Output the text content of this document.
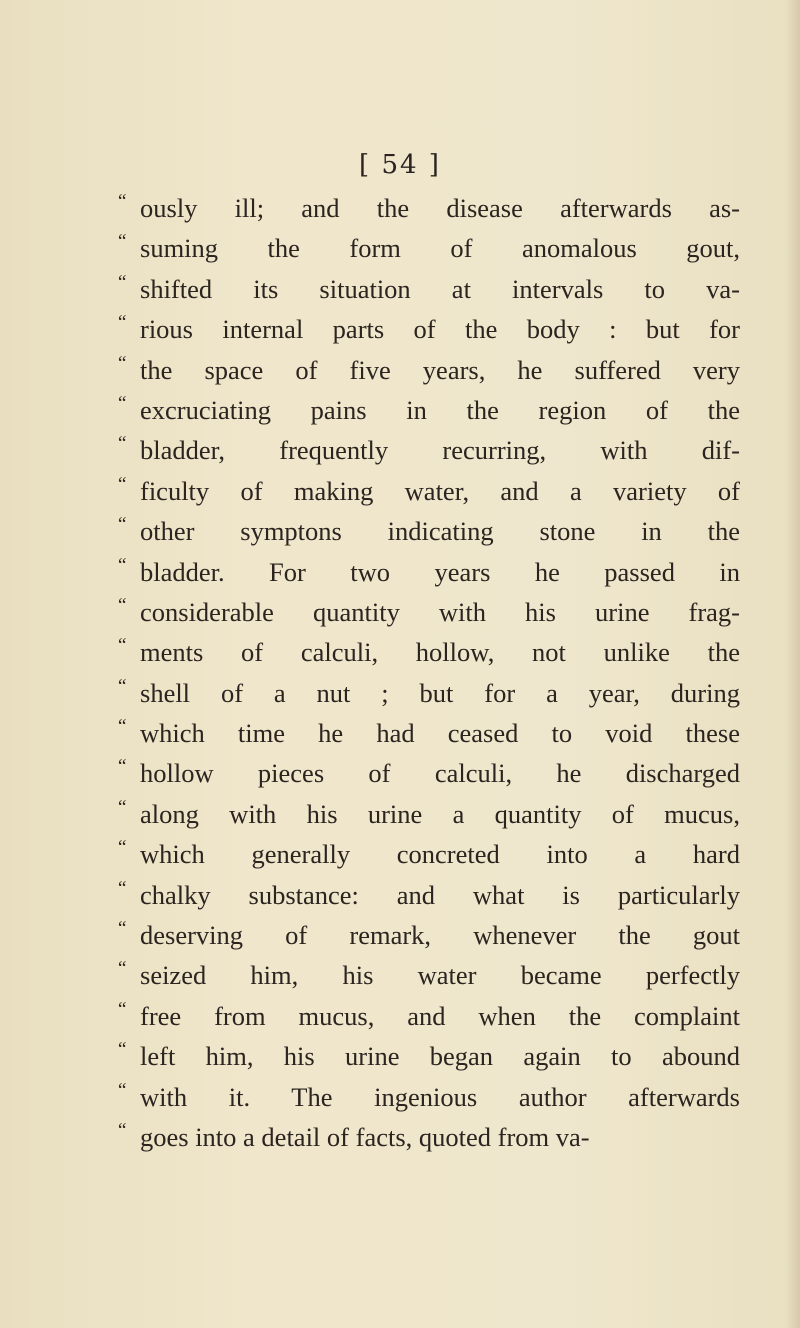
[ 54 ]
“ ously ill; and the disease afterwards as-
“ suming the form of anomalous gout,
“ shifted its situation at intervals to va-
“ rious internal parts of the body : but for
“ the space of five years, he suffered very
“ excruciating pains in the region of the
“ bladder, frequently recurring, with dif-
“ ficulty of making water, and a variety of
“ other symptons indicating stone in the
“ bladder. For two years he passed in
“ considerable quantity with his urine frag-
“ ments of calculi, hollow, not unlike the
“ shell of a nut ; but for a year, during
“ which time he had ceased to void these
“ hollow pieces of calculi, he discharged
“ along with his urine a quantity of mucus,
“ which generally concreted into a hard
“ chalky substance: and what is particularly
“ deserving of remark, whenever the gout
“ seized him, his water became perfectly
“ free from mucus, and when the complaint
“ left him, his urine began again to abound
“ with it. The ingenious author afterwards
“ goes into a detail of facts, quoted from va-
